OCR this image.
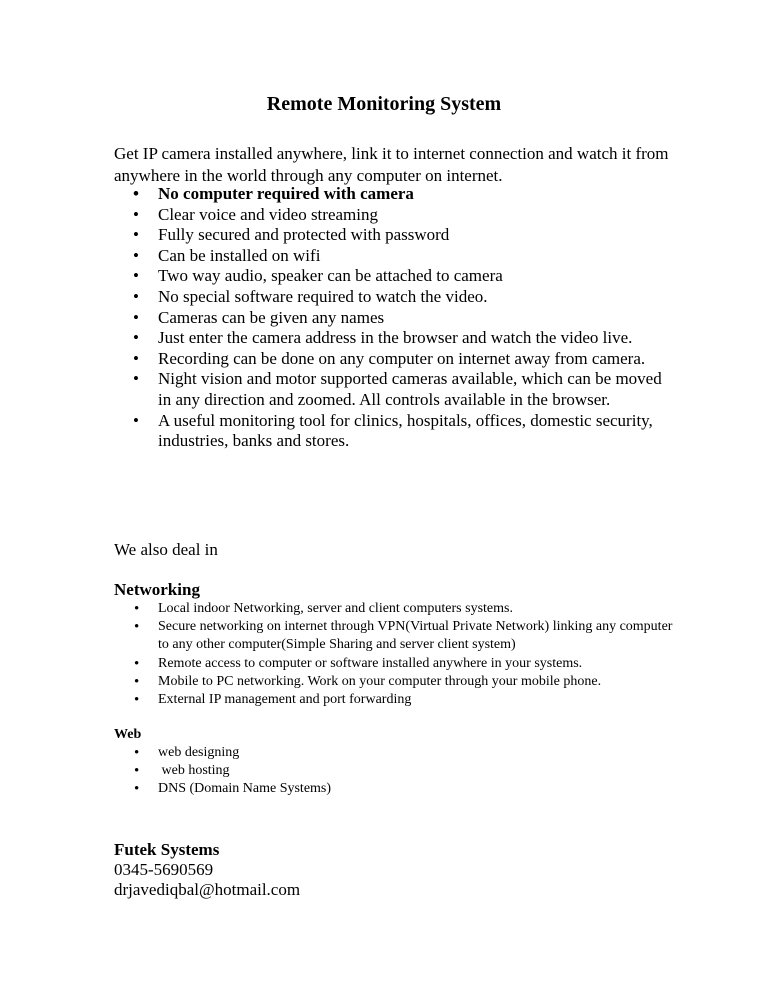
Remote Monitoring System
Get IP camera installed anywhere, link it to internet connection and watch it from anywhere in the world through any computer on internet.
• No computer required with camera
• Clear voice and video streaming
• Fully secured and protected with password
• Can be installed on wifi
• Two way audio, speaker can be attached to camera
• No special software required to watch the video.
• Cameras can be given any names
• Just enter the camera address in the browser and watch the video live.
• Recording can be done on any computer on internet away from camera.
• Night vision and motor supported cameras available, which can be moved in any direction and zoomed. All controls available in the browser.
• A useful monitoring tool for clinics, hospitals, offices, domestic security, industries, banks and stores.
We also deal in
Networking
• Local indoor Networking, server and client computers systems.
• Secure networking on internet through VPN(Virtual Private Network) linking any computer to any other computer(Simple Sharing and server client system)
• Remote access to computer or software installed anywhere in your systems.
• Mobile to PC networking. Work on your computer through your mobile phone.
• External IP management and port forwarding
Web
• web designing
•  web hosting
• DNS (Domain Name Systems)
Futek Systems
0345-5690569
drjavediqbal@hotmail.com
